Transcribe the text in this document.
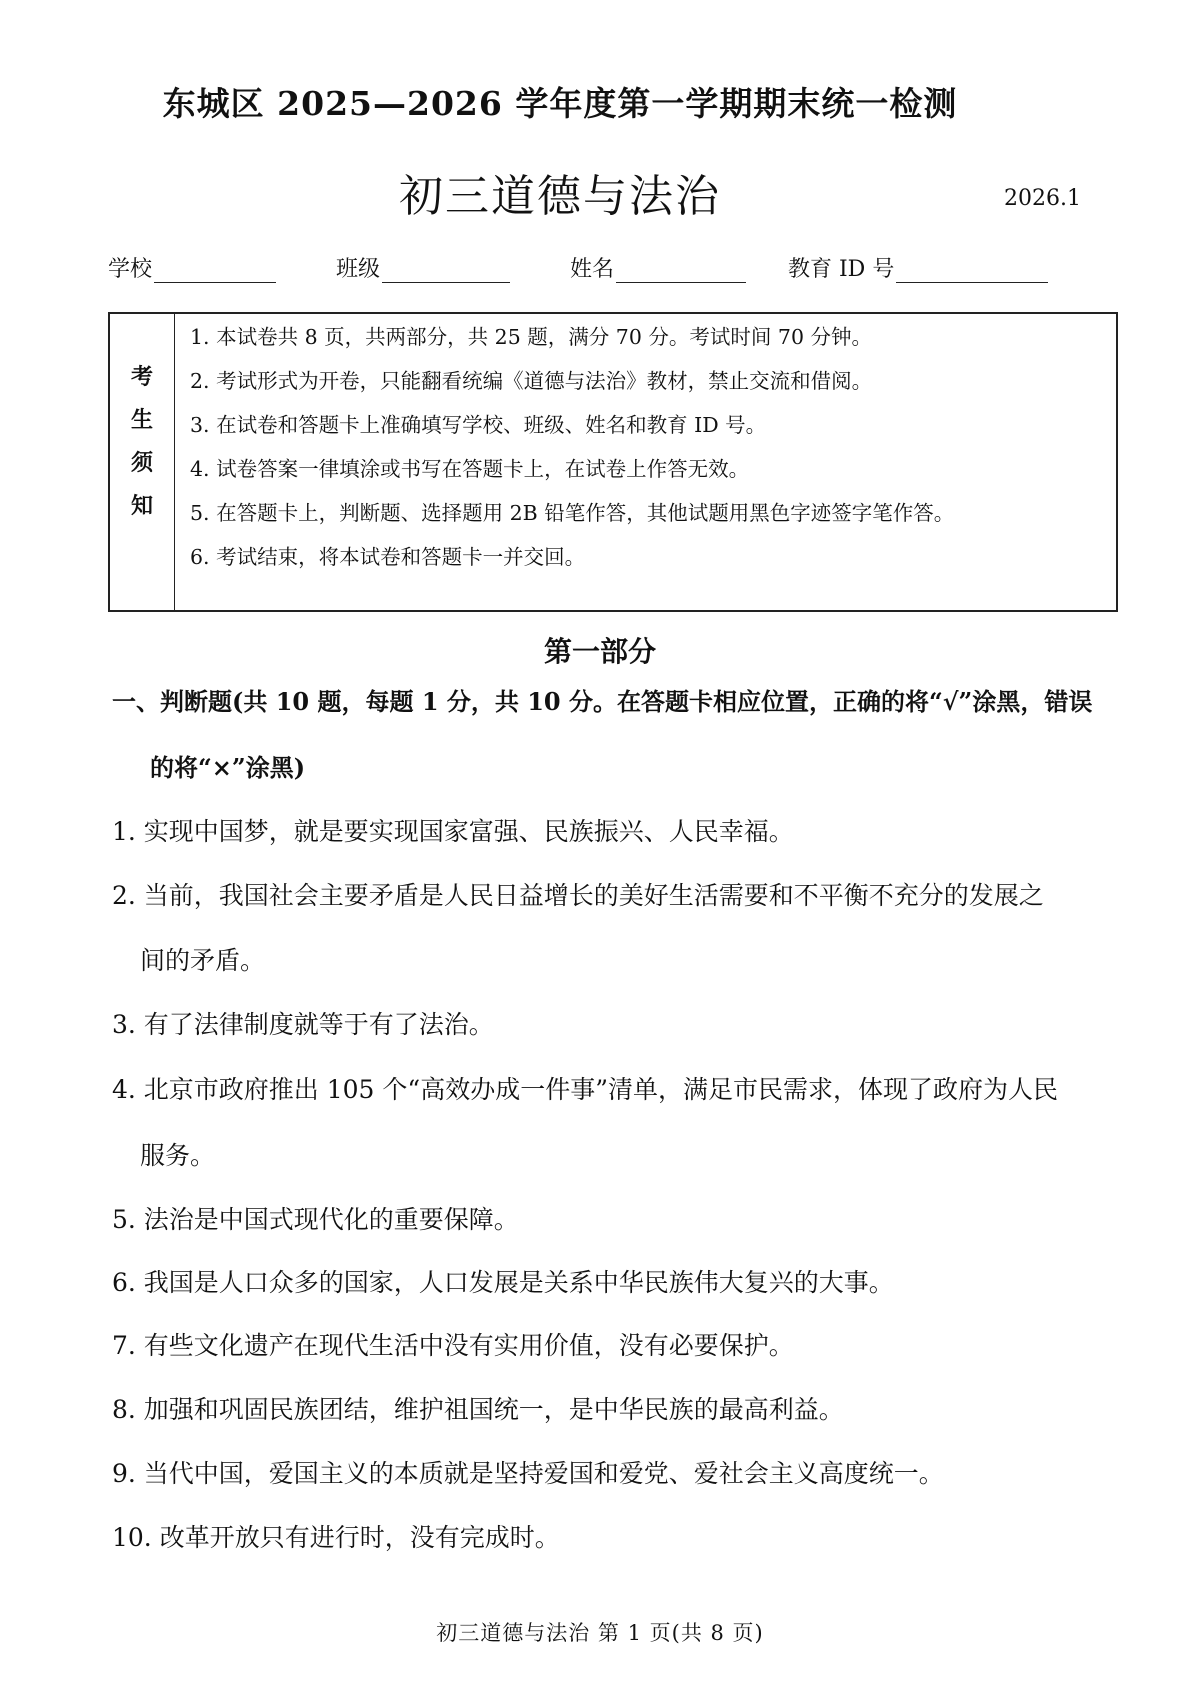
东城区 2025—2026 学年度第一学期期末统一检测
初三道德与法治	2026.1
学校	班级	姓名	教育 ID 号
考
生
须
知
1. 本试卷共 8 页，共两部分，共 25 题，满分 70 分。考试时间 70 分钟。
2. 考试形式为开卷，只能翻看统编《道德与法治》教材，禁止交流和借阅。
3. 在试卷和答题卡上准确填写学校、班级、姓名和教育 ID 号。
4. 试卷答案一律填涂或书写在答题卡上，在试卷上作答无效。
5. 在答题卡上，判断题、选择题用 2B 铅笔作答，其他试题用黑色字迹签字笔作答。
6. 考试结束，将本试卷和答题卡一并交回。
第一部分
一、判断题(共 10 题，每题 1 分，共 10 分。在答题卡相应位置，正确的将“√”涂黑，错误
的将“×”涂黑)
1. 实现中国梦，就是要实现国家富强、民族振兴、人民幸福。
2. 当前，我国社会主要矛盾是人民日益增长的美好生活需要和不平衡不充分的发展之
间的矛盾。
3. 有了法律制度就等于有了法治。
4. 北京市政府推出 105 个“高效办成一件事”清单，满足市民需求，体现了政府为人民
服务。
5. 法治是中国式现代化的重要保障。
6. 我国是人口众多的国家，人口发展是关系中华民族伟大复兴的大事。
7. 有些文化遗产在现代生活中没有实用价值，没有必要保护。
8. 加强和巩固民族团结，维护祖国统一，是中华民族的最高利益。
9. 当代中国，爱国主义的本质就是坚持爱国和爱党、爱社会主义高度统一。
10. 改革开放只有进行时，没有完成时。
初三道德与法治 第 1 页(共 8 页)
